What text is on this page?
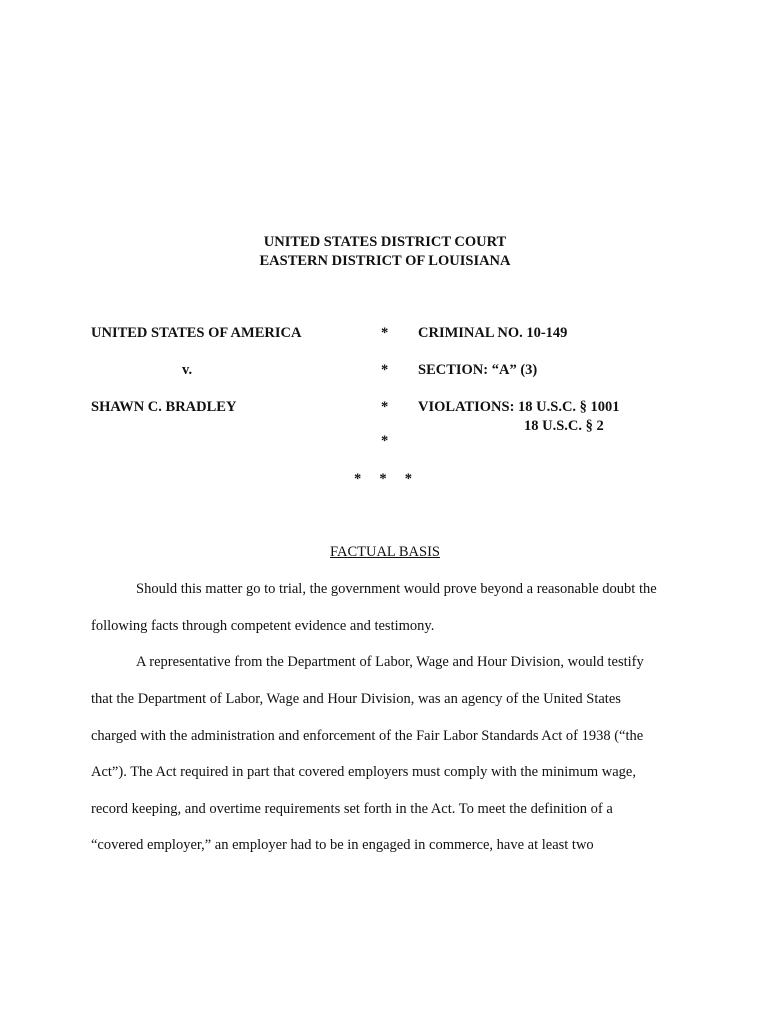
UNITED STATES DISTRICT COURT
EASTERN DISTRICT OF LOUISIANA
UNITED STATES OF AMERICA
v.
SHAWN C. BRADLEY
*
*
*
*
CRIMINAL NO. 10-149
SECTION: “A” (3)
VIOLATIONS: 18 U.S.C. § 1001
18 U.S.C. § 2
*     *     *
FACTUAL BASIS
Should this matter go to trial, the government would prove beyond a reasonable doubt the
following facts through competent evidence and testimony.
A representative from the Department of Labor, Wage and Hour Division, would testify
that the Department of Labor, Wage and Hour Division, was an agency of the United States
charged with the administration and enforcement of the Fair Labor Standards Act of 1938 (“the
Act”). The Act required in part that covered employers must comply with the minimum wage,
record keeping, and overtime requirements set forth in the Act. To meet the definition of a
“covered employer,” an employer had to be in engaged in commerce, have at least two
